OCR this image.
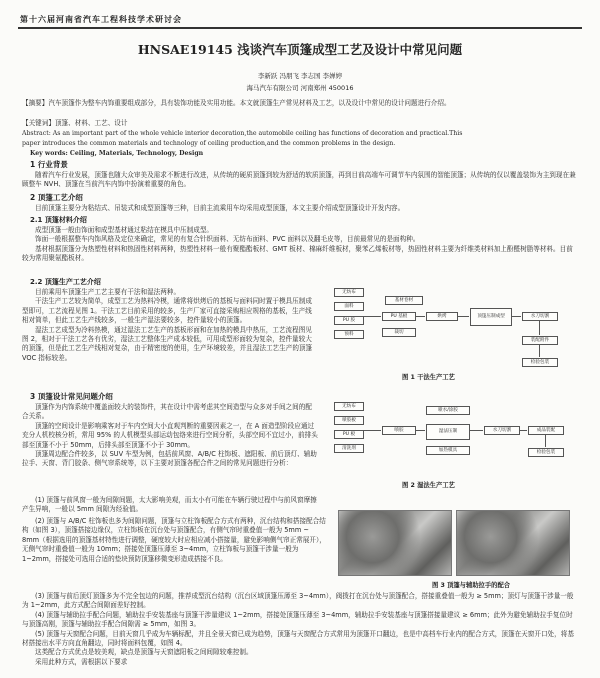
第十六届河南省汽车工程科技学术研讨会
HNSAE19145 浅谈汽车顶篷成型工艺及设计中常见问题
李新跃 冯朋飞 李志国 李婵婷
海马汽车有限公司 河南郑州 450016

【摘要】汽车顶篷作为整车内饰重要组成部分，具有装饰功能及实用功能。本文就顶篷生产常见材料及工艺，以及设计中常见的设计问题进行介绍。

【关键词】顶篷、材料、工艺、设计

Abstract: As an important part of the whole vehicle interior decoration,the automobile ceiling has functions of decoration and practical.This

paper introduces the common materials and technology of ceiling production,and the common problems in the design.

Key words: Ceiling, Materials, Technology, Design

1 行业背景

随着汽车行业发展，顶篷也随大众审美及需求不断进行改进，从传统的硬质顶篷到较为舒适的软质顶篷，再到目前高端车可调节车内氛围的智能顶篷；从传统的仅以覆盖装饰为主到现在兼顾整车 NVH、顶篷在当前汽车内饰中扮演着重要的角色。

2 顶篷工艺介绍

目前顶篷主要分为粘结式、吊装式和成型顶篷等三种，目前主流乘用车均采用成型顶篷，本文主要介绍成型顶篷设计开发内容。

2.1 顶篷材料介绍

成型顶篷一般由饰面和成型基材通过粘结在模具中压制成型。
饰面一般根据整车内饰风格及定位来确定，常见的有复合针织面料、无纺布面料、PVC 面料以及翻毛皮等，目前最常见的是面构种。
基材根据顶篷分为热塑性材料和热固性材料两种，热塑性材料一般有聚酯酯板材、GMT 板材、棉麻纤维板材，聚苯乙烯板材等，热固性材料主要为纤维类材料加上酚醛树脂等材料。目前较为常用聚氨酯板材。

2.2 顶篷生产工艺介绍

目前乘用车顶篷生产工艺主要有干法和湿法两种。
干法生产工艺较为简单，成型工艺为热料冷模，通常将烘烤后的基板与面料同时置于模具压制成型即可，工艺流程见图 1。干法工艺目前采用的较多，生产厂家可直接采购相应规格的基板，生产线相对简单，但此工艺生产线较多，一般生产湿法要较多，控件量较小的顶篷。
湿法工艺成型为冷料热模，通过湿法工艺生产的基板形面和在加热的模具中热压，工艺流程图见图 2，相对于干法工艺各有优劣，湿法工艺整体生产成本较低，可用成型形面较为复杂，控件量较大的顶篷，但是此工艺生产线相对复杂，由于精密度的使用，生产环境较差，并且湿法工艺生产的顶篷 VOC 指标较差。

无纺布
面料
PU 胶
预料
基材卷材
PU 基板
裁切
烘烤	顶篷压制成型	水刀切割
装配附件
检验包装
图 1 干法生产工艺
3 顶篷设计常见问题介绍

顶篷作为内饰系统中覆盖面较大的装饰件，其在设计中需考虑其空间造型与众多对手间之间的配合关系。
顶篷的空间设计是影响乘客对于车内空间大小直观判断的重要因素之一，在 A 面造型阶段应通过充分人机校核分析，常用 95% 的人机模型头部运动包络来进行空间分析，头部空间不宜过小，前排头部至顶篷不小于 50mm，后排头部至顶篷不小于 30mm。
顶篷周边配合件较多，以 SUV 车型为例，包括前风窗、A/B/C 柱饰板、遮阳板、前后顶灯、辅助拉手、天窗、背门胶条、侧气帘系统等，以下主要对顶篷各配合件之间的常见问题进行分析：

无纺布
喷胶板
PU 板
清洗剂
喷胶
喷水/涂胶
湿法压制
加热模具
水刀切割	成品装配
检验包装
图 2 湿法生产工艺

(1) 顶篷与前风窗一般为间隙间题，太大影响美观，而太小有可能在车辆行驶过程中与前风窗摩擦产生异响，一般以 5mm 间隙为经验值。

图 3 顶篷与辅助拉手的配合

(2) 顶篷与 A/B/C 柱饰板也多为间隙问题，顶篷与立柱饰板配合方式有两种，沉台结构和搭接配合结构（如图 3），顶篷搭接边缘仅，立柱饰板在沉台处与顶篷配合，有侧气帘时重叠值一般为 5mm ~ 8mm（根据选用的顶篷基材特性进行调整，硬度较大时应相应减小搭接量，避免影响侧气帘正常展开），无侧气帘时重叠值一般为 10mm；搭接处顶篷压薄至 3~4mm，立柱饰板与顶篷干涉量一般为 1~2mm，搭接处可选用合适的垫块预防顶篷移微变形造成搭接不良。

(3) 顶篷与前后顶灯顶篷多为不完全包边的问题，推荐成型沉台结构（沉台区域顶篷压薄至 3~4mm），阀拨打在沉台处与顶篷配合，搭接重叠值一般为 ≥ 5mm；顶灯与顶篷干涉量一般为 1~2mm，此方式配合间隙面差好控制。
(4) 顶篷与辅助拉手配合问题，辅助拉手安装基座与顶篷干涉量建议 1~2mm，搭接处顶篷压薄至 3~4mm，辅助拉手安装基座与顶篷搭接量建议 ≥ 6mm；此外为避免辅助拉手复位时与顶篷高刚，顶篷与辅助拉手配合间隙需 ≥ 5mm，如图 3。
(5) 顶篷与天窗配合问题，目前天窗几乎成为车辆标配，并且全景天窗已成为趋势，顶篷与天窗配合方式常用为顶篷开口翻边，也是中高档车行业内的配合方式，顶篷在天窗开口处，将基材搭接出水平方向直角翻边，同时将面料包覆，如图 4。
这类配合方式优点是较美观，缺点是顶篷与天窗遮阳板之间间隙较难控制。
采用此种方式，需根据以下要求
